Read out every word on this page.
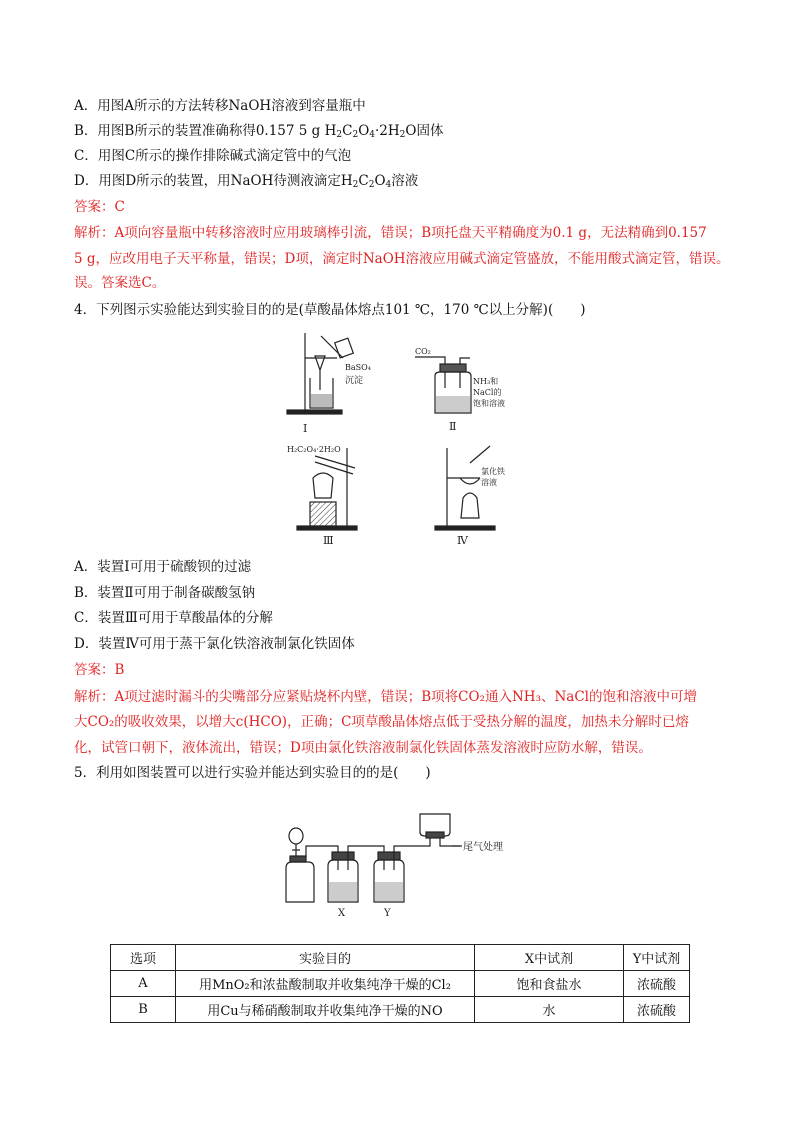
A．用图A所示的方法转移NaOH溶液到容量瓶中
B．用图B所示的装置准确称得0.157 5 g $H_2C_2O_4\cdot 2H_2O$固体
C．用图C所示的操作排除碱式滴定管中的气泡
D．用图D所示的装置，用NaOH待测液滴定$H_2C_2O_4$溶液
答案：C
解析：A项向容量瓶中转移溶液时应用玻璃棒引流，错误；B项托盘天平精确度为0.1 g，无法精确到0.157
5 g，应改用电子天平称量，错误；D项，滴定时NaOH溶液应用碱式滴定管盛放，不能用酸式滴定管，错误。
误。答案选C。
4．下列图示实验能达到实验目的的是(草酸晶体熔点101 ℃，170 ℃以上分解)(　　)
BaSO₄
沉淀
Ⅰ
CO₂
NH₃和
NaCl的
饱和溶液
Ⅱ
H₂C₂O₄·2H₂O
Ⅲ
氯化铁
溶液
Ⅳ
A．装置Ⅰ可用于硫酸钡的过滤
B．装置Ⅱ可用于制备碳酸氢钠
C．装置Ⅲ可用于草酸晶体的分解
D．装置Ⅳ可用于蒸干氯化铁溶液制氯化铁固体
答案：B
解析：A项过滤时漏斗的尖嘴部分应紧贴烧杯内壁，错误；B项将CO₂通入NH₃、NaCl的饱和溶液中可增
大CO₂的吸收效果，以增大c(HCO)，正确；C项草酸晶体熔点低于受热分解的温度，加热未分解时已熔
化，试管口朝下，液体流出，错误；D项由氯化铁溶液制氯化铁固体蒸发溶液时应防水解，错误。
5．利用如图装置可以进行实验并能达到实验目的的是(　　)
X	Y
尾气处理
选项	实验目的	X中试剂	Y中试剂
A	用MnO₂和浓盐酸制取并收集纯净干燥的Cl₂	饱和食盐水	浓硫酸
B	用Cu与稀硝酸制取并收集纯净干燥的NO	水	浓硫酸
